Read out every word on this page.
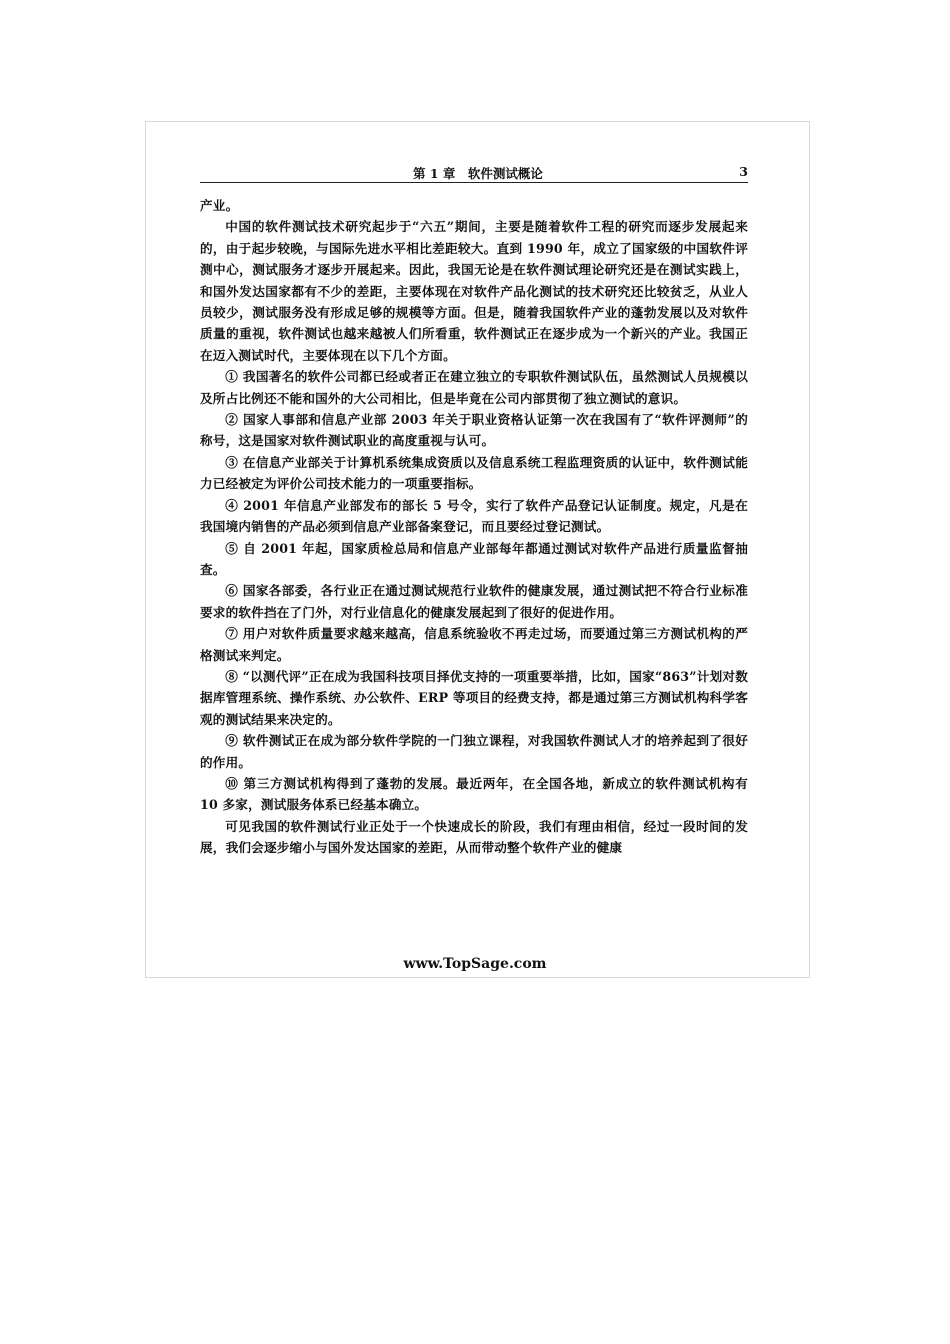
第 1 章　软件测试概论	3

产业。

中国的软件测试技术研究起步于“六五”期间，主要是随着软件工程的研究而逐步发展起来的，由于起步较晚，与国际先进水平相比差距较大。直到 1990 年，成立了国家级的中国软件评测中心，测试服务才逐步开展起来。因此，我国无论是在软件测试理论研究还是在测试实践上，和国外发达国家都有不少的差距，主要体现在对软件产品化测试的技术研究还比较贫乏，从业人员较少，测试服务没有形成足够的规模等方面。但是，随着我国软件产业的蓬勃发展以及对软件质量的重视，软件测试也越来越被人们所看重，软件测试正在逐步成为一个新兴的产业。我国正在迈入测试时代，主要体现在以下几个方面。

① 我国著名的软件公司都已经或者正在建立独立的专职软件测试队伍，虽然测试人员规模以及所占比例还不能和国外的大公司相比，但是毕竟在公司内部贯彻了独立测试的意识。

② 国家人事部和信息产业部 2003 年关于职业资格认证第一次在我国有了“软件评测师”的称号，这是国家对软件测试职业的高度重视与认可。

③ 在信息产业部关于计算机系统集成资质以及信息系统工程监理资质的认证中，软件测试能力已经被定为评价公司技术能力的一项重要指标。

④ 2001 年信息产业部发布的部长 5 号令，实行了软件产品登记认证制度。规定，凡是在我国境内销售的产品必须到信息产业部备案登记，而且要经过登记测试。

⑤ 自 2001 年起，国家质检总局和信息产业部每年都通过测试对软件产品进行质量监督抽查。

⑥ 国家各部委，各行业正在通过测试规范行业软件的健康发展，通过测试把不符合行业标准要求的软件挡在了门外，对行业信息化的健康发展起到了很好的促进作用。

⑦ 用户对软件质量要求越来越高，信息系统验收不再走过场，而要通过第三方测试机构的严格测试来判定。

⑧ “以测代评”正在成为我国科技项目择优支持的一项重要举措，比如，国家“863”计划对数据库管理系统、操作系统、办公软件、ERP 等项目的经费支持，都是通过第三方测试机构科学客观的测试结果来决定的。

⑨ 软件测试正在成为部分软件学院的一门独立课程，对我国软件测试人才的培养起到了很好的作用。

⑩ 第三方测试机构得到了蓬勃的发展。最近两年，在全国各地，新成立的软件测试机构有 10 多家，测试服务体系已经基本确立。

可见我国的软件测试行业正处于一个快速成长的阶段，我们有理由相信，经过一段时间的发展，我们会逐步缩小与国外发达国家的差距，从而带动整个软件产业的健康

www.TopSage.com
